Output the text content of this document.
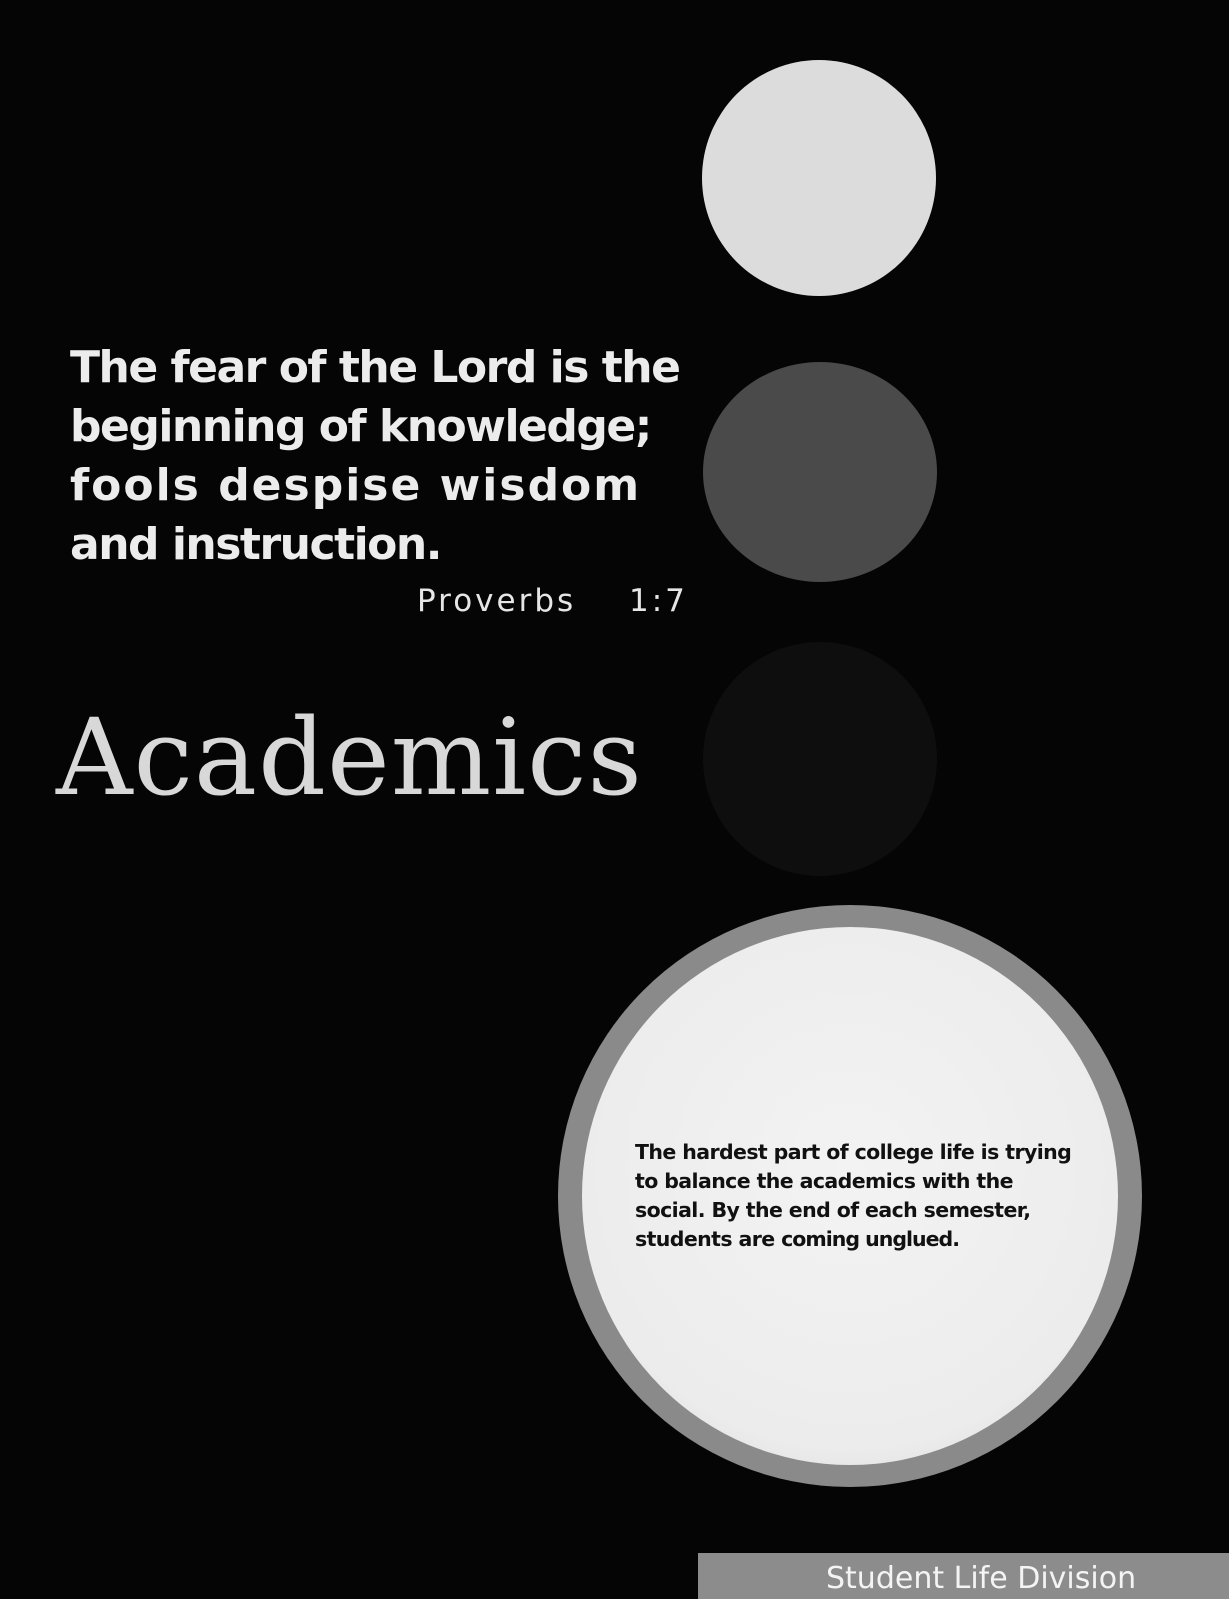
The fear of the Lord is the
beginning of knowledge;
fools despise wisdom
and instruction.
Proverbs 1:7
Academics
The hardest part of college life is trying
to balance the academics with the
social. By the end of each semester,
students are coming unglued.
Student Life Division
